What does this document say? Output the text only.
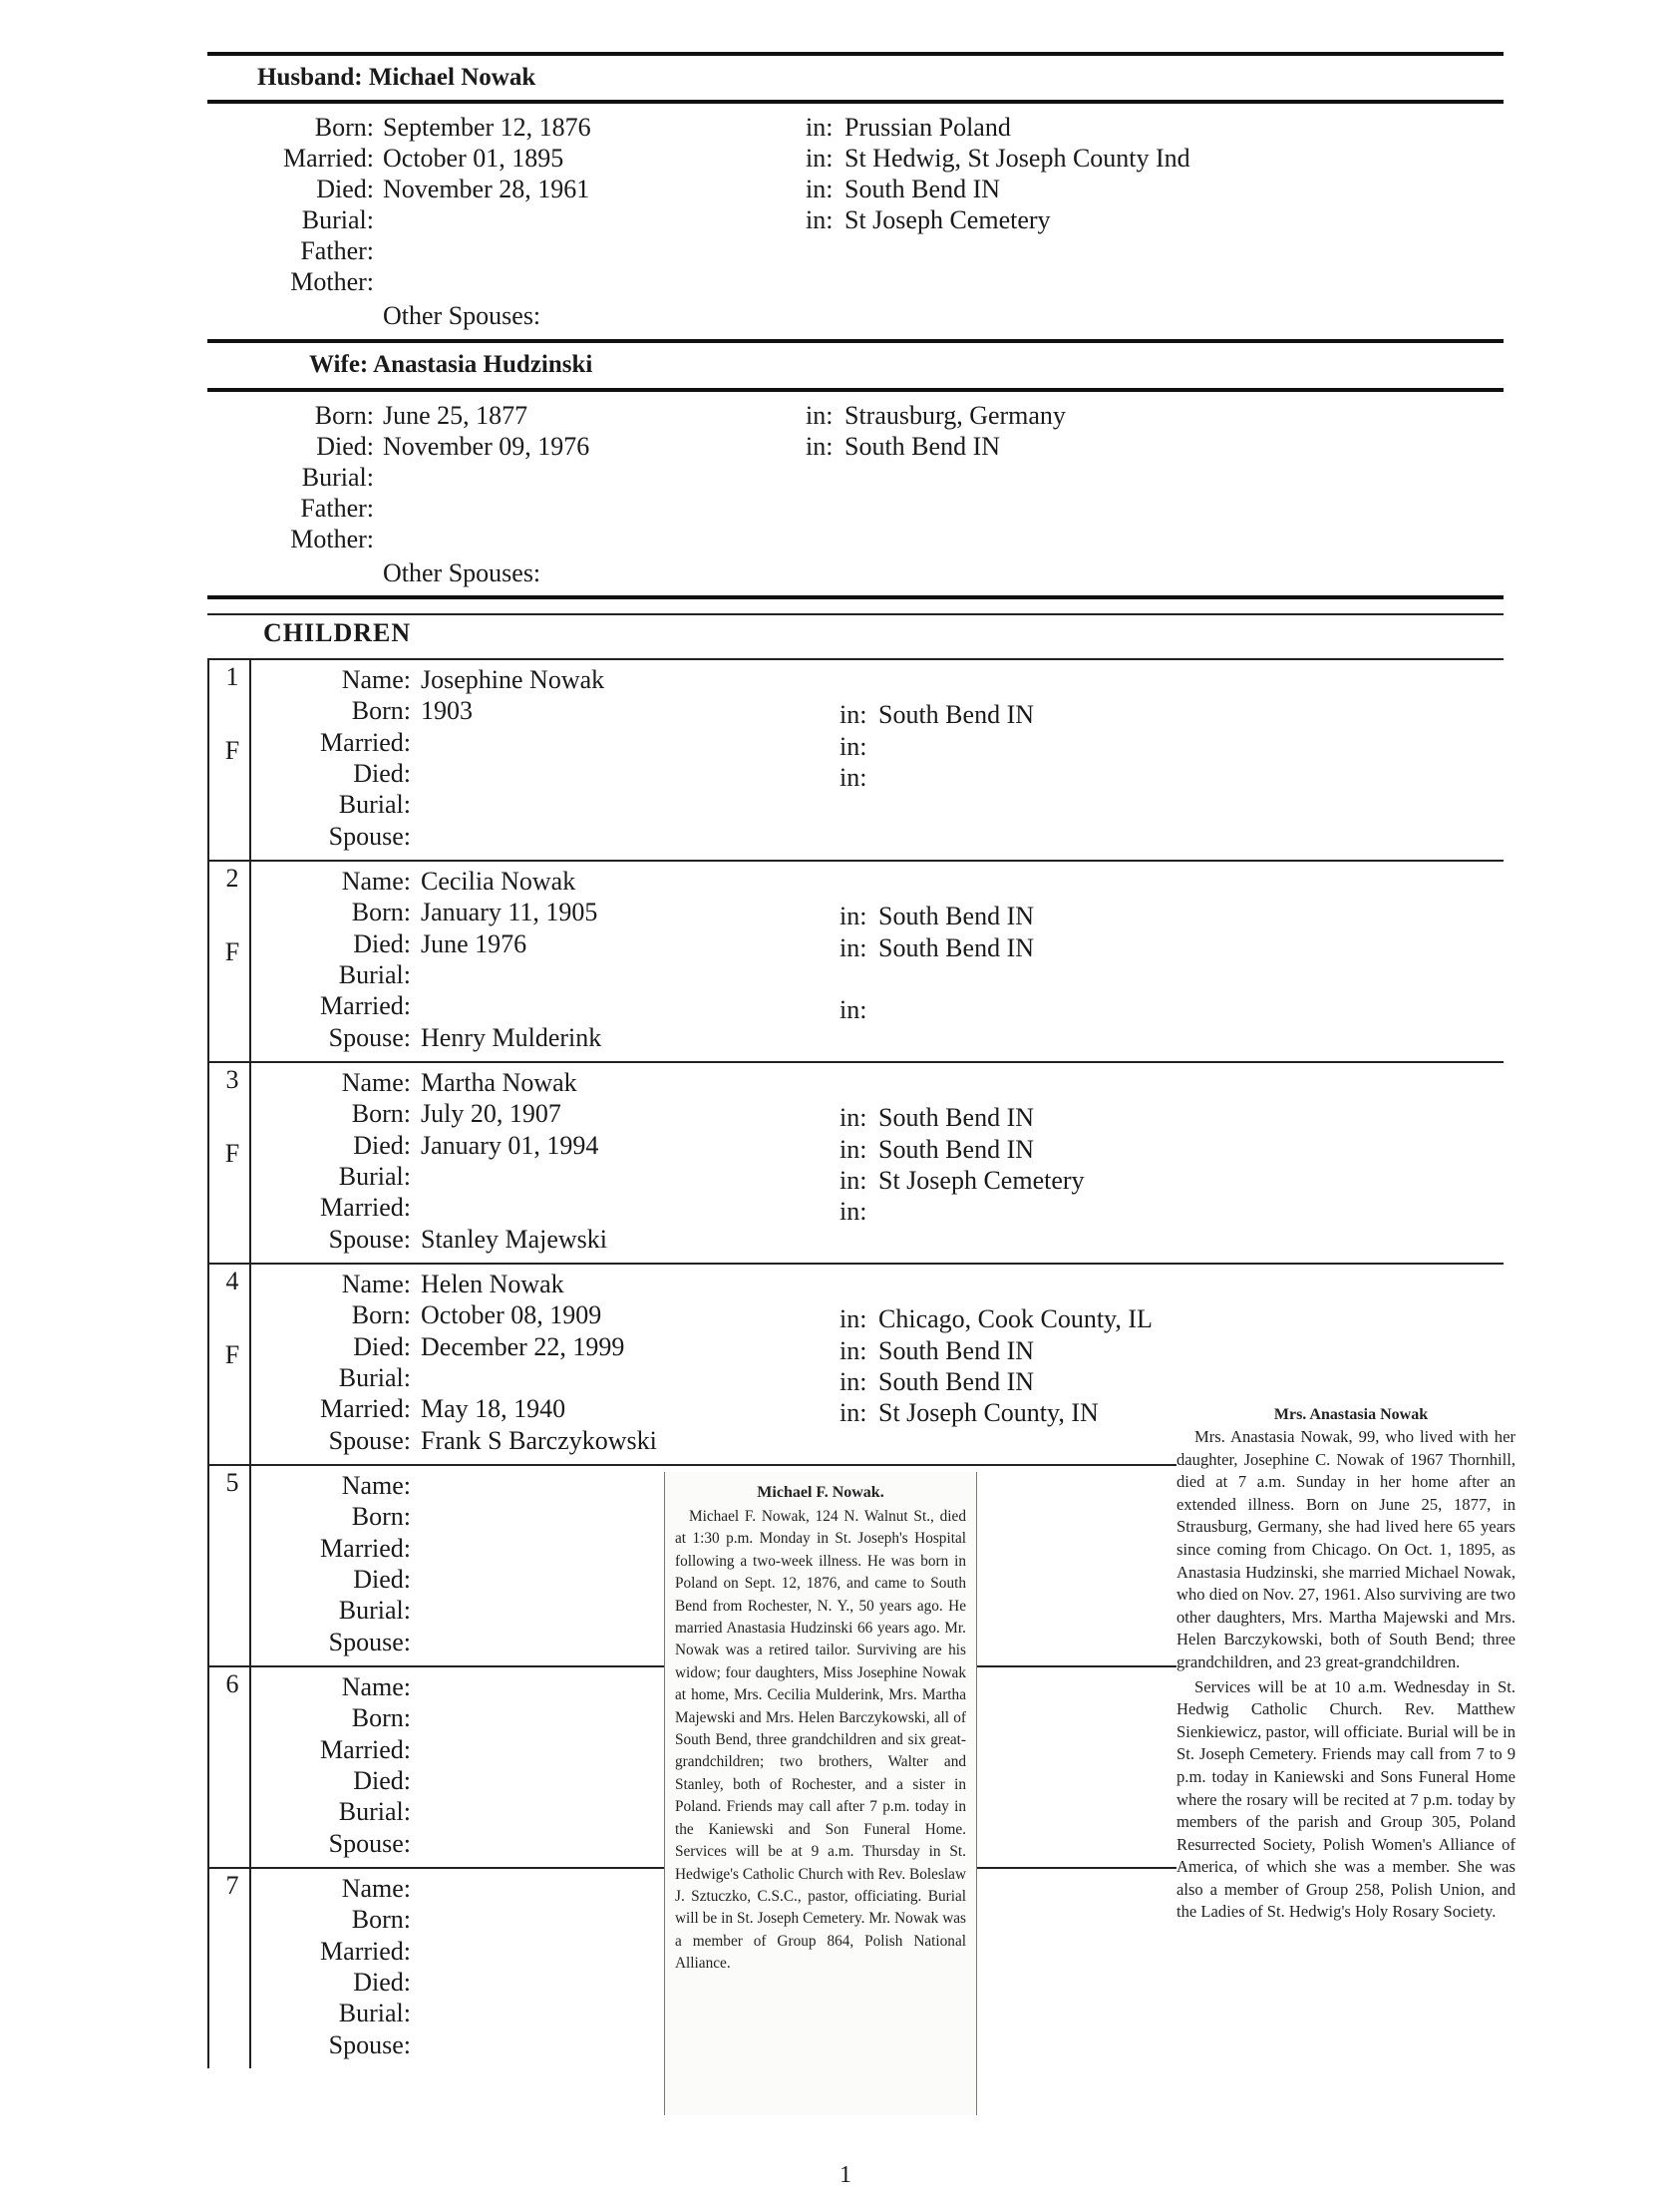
Husband: Michael Nowak
Born: September 12, 1876	in: Prussian Poland
Married: October 01, 1895	in: St Hedwig, St Joseph County Ind
Died: November 28, 1961	in: South Bend IN
Burial:	in: St Joseph Cemetery
Father:
Mother:
Other Spouses:
Wife: Anastasia Hudzinski
Born: June 25, 1877	in: Strausburg, Germany
Died: November 09, 1976	in: South Bend IN
Burial:
Father:
Mother:
Other Spouses:
CHILDREN
1
F
Name: Josephine Nowak
Born: 1903	in: South Bend IN
Married:	in:
Died:	in:
Burial:
Spouse:
2
F
Name: Cecilia Nowak
Born: January 11, 1905	in: South Bend IN
Died: June 1976	in: South Bend IN
Burial:
Married:	in:
Spouse: Henry Mulderink
3
F
Name: Martha Nowak
Born: July 20, 1907	in: South Bend IN
Died: January 01, 1994	in: South Bend IN
Burial:	in: St Joseph Cemetery
Married:	in:
Spouse: Stanley Majewski
4
F
Name: Helen Nowak
Born: October 08, 1909	in: Chicago, Cook County, IL
Died: December 22, 1999	in: South Bend IN
Burial:	in: South Bend IN
Married: May 18, 1940	in: St Joseph County, IN
Spouse: Frank S Barczykowski
5	Name:
Born:
Married:
Died:
Burial:
Spouse:
6	Name:
Born:
Married:
Died:
Burial:
Spouse:
7	Name:
Born:
Married:
Died:
Burial:
Spouse:
Michael F. Nowak.

Michael F. Nowak, 124 N. Walnut St., died at 1:30 p.m. Monday in St. Joseph's Hospital following a two-week illness. He was born in Poland on Sept. 12, 1876, and came to South Bend from Rochester, N. Y., 50 years ago. He married Anastasia Hudzinski 66 years ago. Mr. Nowak was a retired tailor. Surviving are his widow; four daughters, Miss Josephine Nowak at home, Mrs. Cecilia Mulderink, Mrs. Martha Majewski and Mrs. Helen Barczykowski, all of South Bend, three grandchildren and six great-grandchildren; two brothers, Walter and Stanley, both of Rochester, and a sister in Poland. Friends may call after 7 p.m. today in the Kaniewski and Son Funeral Home. Services will be at 9 a.m. Thursday in St. Hedwige's Catholic Church with Rev. Boleslaw J. Sztuczko, C.S.C., pastor, officiating. Burial will be in St. Joseph Cemetery. Mr. Nowak was a member of Group 864, Polish National Alliance.

Mrs. Anastasia Nowak

Mrs. Anastasia Nowak, 99, who lived with her daughter, Josephine C. Nowak of 1967 Thornhill, died at 7 a.m. Sunday in her home after an extended illness. Born on June 25, 1877, in Strausburg, Germany, she had lived here 65 years since coming from Chicago. On Oct. 1, 1895, as Anastasia Hudzinski, she married Michael Nowak, who died on Nov. 27, 1961. Also surviving are two other daughters, Mrs. Martha Majewski and Mrs. Helen Barczykowski, both of South Bend; three grandchildren, and 23 great-grandchildren.

Services will be at 10 a.m. Wednesday in St. Hedwig Catholic Church. Rev. Matthew Sienkiewicz, pastor, will officiate. Burial will be in St. Joseph Cemetery. Friends may call from 7 to 9 p.m. today in Kaniewski and Sons Funeral Home where the rosary will be recited at 7 p.m. today by members of the parish and Group 305, Poland Resurrected Society, Polish Women's Alliance of America, of which she was a member. She was also a member of Group 258, Polish Union, and the Ladies of St. Hedwig's Holy Rosary Society.

1
